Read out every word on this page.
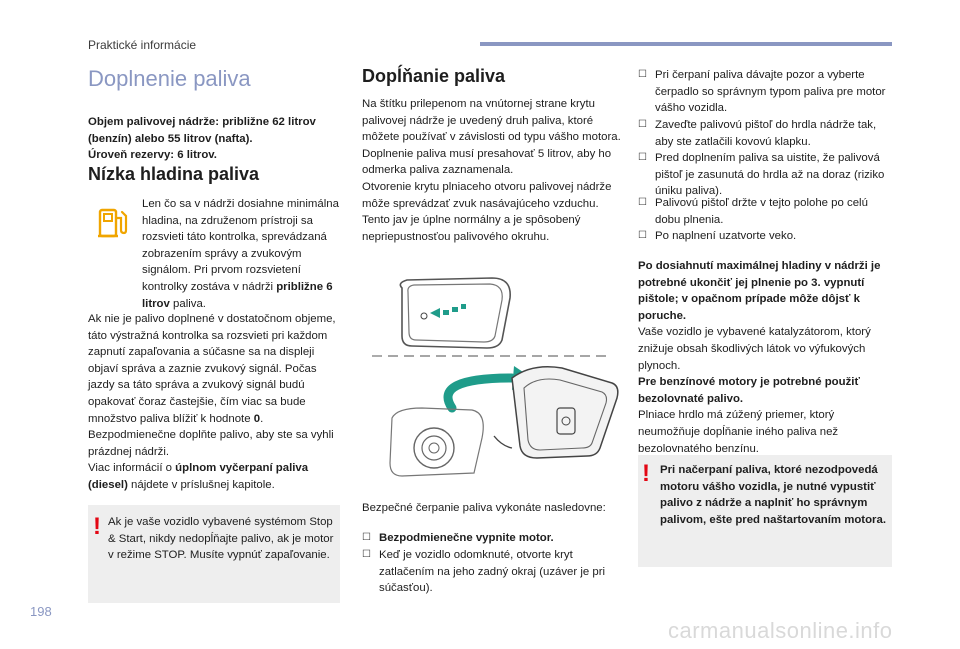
Praktické informácie
Doplnenie paliva
Objem palivovej nádrže: približne 62 litrov (benzín) alebo 55 litrov (nafta).
Úroveň rezervy: 6 litrov.
Nízka hladina paliva
Len čo sa v nádrži dosiahne minimálna hladina, na združenom prístroji sa rozsvieti táto kontrolka, sprevádzaná zobrazením správy a zvukovým signálom. Pri prvom rozsvietení kontrolky zostáva v nádrži približne 6 litrov paliva.
Ak nie je palivo doplnené v dostatočnom objeme, táto výstražná kontrolka sa rozsvieti pri každom zapnutí zapaľovania a súčasne sa na displeji objaví správa a zaznie zvukový signál. Počas jazdy sa táto správa a zvukový signál budú opakovať čoraz častejšie, čím viac sa bude množstvo paliva blížiť k hodnote 0. Bezpodmienečne doplňte palivo, aby ste sa vyhli prázdnej nádrži.
Viac informácií o úplnom vyčerpaní paliva (diesel) nájdete v príslušnej kapitole.
! Ak je vaše vozidlo vybavené systémom Stop & Start, nikdy nedopĺňajte palivo, ak je motor v režime STOP. Musíte vypnúť zapaľovanie.
Dopĺňanie paliva
Na štítku prilepenom na vnútornej strane krytu palivovej nádrže je uvedený druh paliva, ktoré môžete používať v závislosti od typu vášho motora.
Doplnenie paliva musí presahovať 5 litrov, aby ho odmerka paliva zaznamenala.
Otvorenie krytu plniaceho otvoru palivovej nádrže môže sprevádzať zvuk nasávajúceho vzduchu. Tento jav je úplne normálny a je spôsobený nepriepustnosťou palivového okruhu.
Bezpečné čerpanie paliva vykonáte nasledovne:
☐ Bezpodmienečne vypnite motor.
☐ Keď je vozidlo odomknuté, otvorte kryt zatlačením na jeho zadný okraj (uzáver je pri súčasťou).
☐ Pri čerpaní paliva dávajte pozor a vyberte čerpadlo so správnym typom paliva pre motor vášho vozidla.
☐ Zaveďte palivovú pištoľ do hrdla nádrže tak, aby ste zatlačili kovovú klapku.
☐ Pred doplnením paliva sa uistite, že palivová pištoľ je zasunutá do hrdla až na doraz (riziko úniku paliva).
☐ Palivovú pištoľ držte v tejto polohe po celú dobu plnenia.
☐ Po naplnení uzatvorte veko.
Po dosiahnutí maximálnej hladiny v nádrži je potrebné ukončiť jej plnenie po 3. vypnutí pištole; v opačnom prípade môže dôjsť k poruche.
Vaše vozidlo je vybavené katalyzátorom, ktorý znižuje obsah škodlivých látok vo výfukových plynoch.
Pre benzínové motory je potrebné použiť bezolovnaté palivo.
Plniace hrdlo má zúžený priemer, ktorý neumožňuje dopĺňanie iného paliva než bezolovnatého benzínu.
! Pri načerpaní paliva, ktoré nezodpovedá motoru vášho vozidla, je nutné vypustiť palivo z nádrže a naplniť ho správnym palivom, ešte pred naštartovaním motora.
198
carmanualsonline.info
